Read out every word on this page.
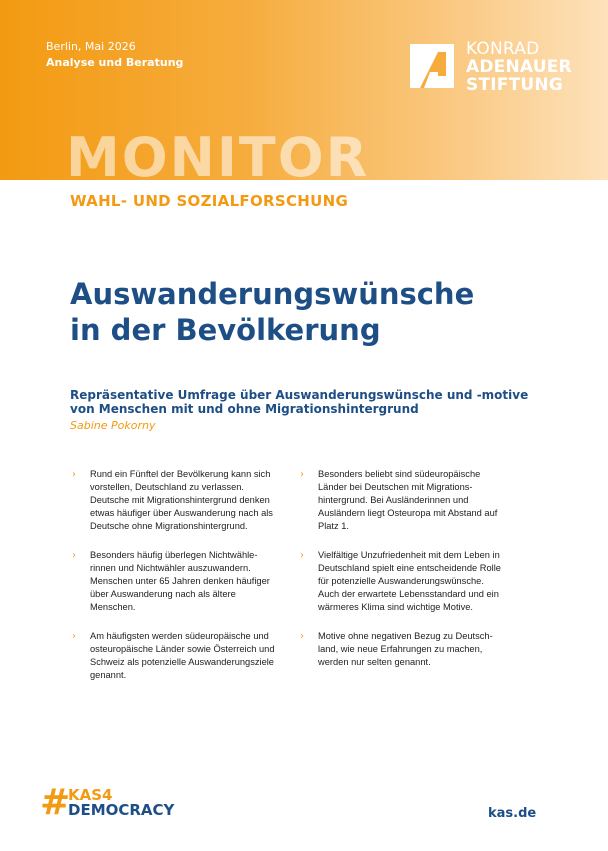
Berlin, Mai 2026
Analyse und Beratung
KONRAD
ADENAUER
STIFTUNG
MONITOR
WAHL- UND SOZIALFORSCHUNG
Auswanderungswünsche
in der Bevölkerung
Repräsentative Umfrage über Auswanderungswünsche und -motive
von Menschen mit und ohne Migrationshintergrund
Sabine Pokorny
› Rund ein Fünftel der Bevölkerung kann sich
vorstellen, Deutschland zu verlassen.
Deutsche mit Migrationshintergrund denken
etwas häufiger über Auswanderung nach als
Deutsche ohne Migrationshintergrund.
› Besonders häufig überlegen Nichtwähle-
rinnen und Nichtwähler auszuwandern.
Menschen unter 65 Jahren denken häufiger
über Auswanderung nach als ältere
Menschen.
› Am häufigsten werden südeuropäische und
osteuropäische Länder sowie Österreich und
Schweiz als potenzielle Auswanderungsziele
genannt.
› Besonders beliebt sind südeuropäische
Länder bei Deutschen mit Migrations-
hintergrund. Bei Ausländerinnen und
Ausländern liegt Osteuropa mit Abstand auf
Platz 1.
› Vielfältige Unzufriedenheit mit dem Leben in
Deutschland spielt eine entscheidende Rolle
für potenzielle Auswanderungswünsche.
Auch der erwartete Lebensstandard und ein
wärmeres Klima sind wichtige Motive.
› Motive ohne negativen Bezug zu Deutsch-
land, wie neue Erfahrungen zu machen,
werden nur selten genannt.
#
KAS4
DEMOCRACY	kas.de
